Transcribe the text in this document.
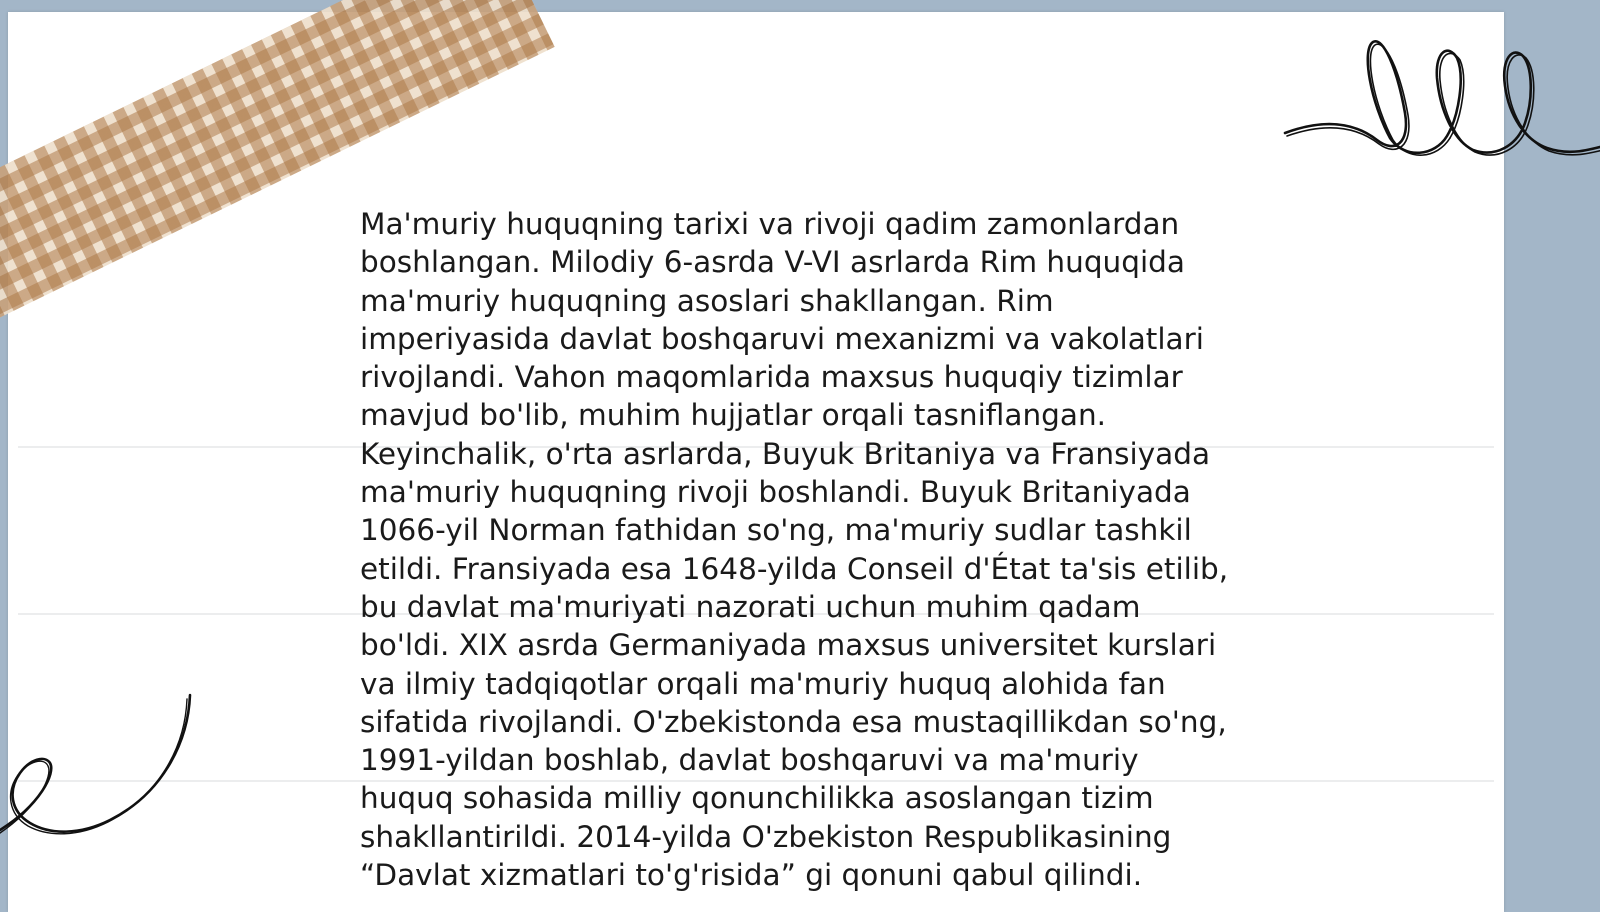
Ma'muriy huquqning tarixi va rivoji qadim zamonlardan
boshlangan. Milodiy 6-asrda V-VI asrlarda Rim huquqida
ma'muriy huquqning asoslari shakllangan. Rim
imperiyasida davlat boshqaruvi mexanizmi va vakolatlari
rivojlandi. Vahon maqomlarida maxsus huquqiy tizimlar
mavjud bo'lib, muhim hujjatlar orqali tasniflangan.
Keyinchalik, o'rta asrlarda, Buyuk Britaniya va Fransiyada
ma'muriy huquqning rivoji boshlandi. Buyuk Britaniyada
1066-yil Norman fathidan so'ng, ma'muriy sudlar tashkil
etildi. Fransiyada esa 1648-yilda Conseil d'État ta'sis etilib,
bu davlat ma'muriyati nazorati uchun muhim qadam
bo'ldi. XIX asrda Germaniyada maxsus universitet kurslari
va ilmiy tadqiqotlar orqali ma'muriy huquq alohida fan
sifatida rivojlandi. O'zbekistonda esa mustaqillikdan so'ng,
1991-yildan boshlab, davlat boshqaruvi va ma'muriy
huquq sohasida milliy qonunchilikka asoslangan tizim
shakllantirildi. 2014-yilda O'zbekiston Respublikasining
“Davlat xizmatlari to'g'risida” gi qonuni qabul qilindi.
